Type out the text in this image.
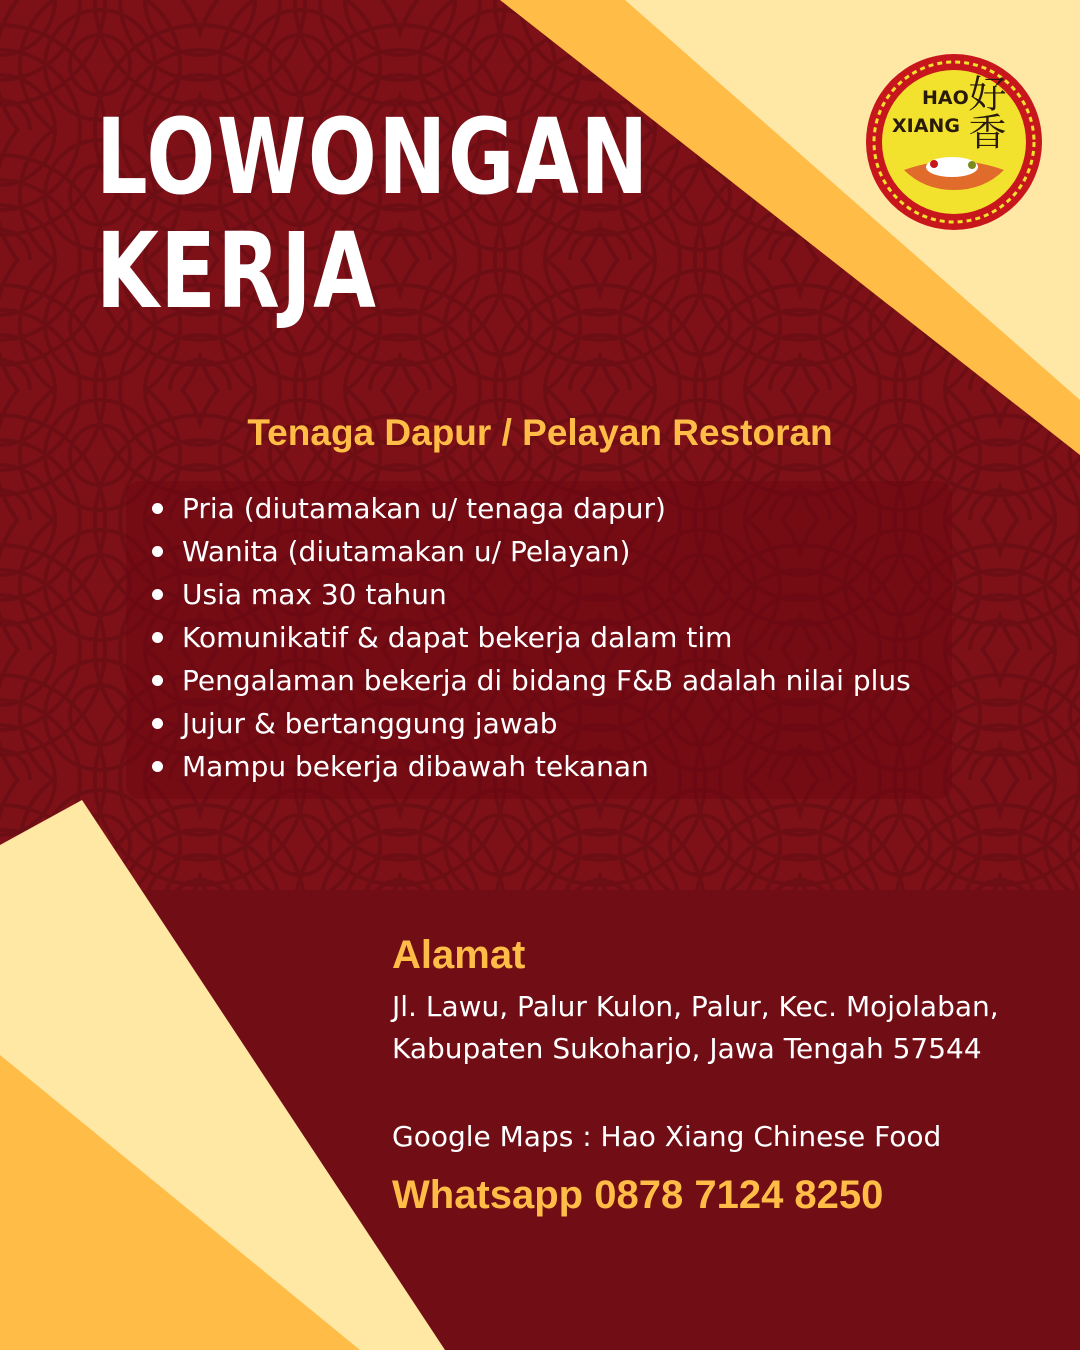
LOWONGAN
KERJA
Tenaga Dapur / Pelayan Restoran
Pria (diutamakan u/ tenaga dapur)
Wanita (diutamakan u/ Pelayan)
Usia max 30 tahun
Komunikatif & dapat bekerja dalam tim
Pengalaman bekerja di bidang F&B adalah nilai plus
Jujur & bertanggung jawab
Mampu bekerja dibawah tekanan
Alamat
Jl. Lawu, Palur Kulon, Palur, Kec. Mojolaban, Kabupaten Sukoharjo, Jawa Tengah 57544
Google Maps : Hao Xiang Chinese Food
Whatsapp 0878 7124 8250
HAO
XIANG 好香
